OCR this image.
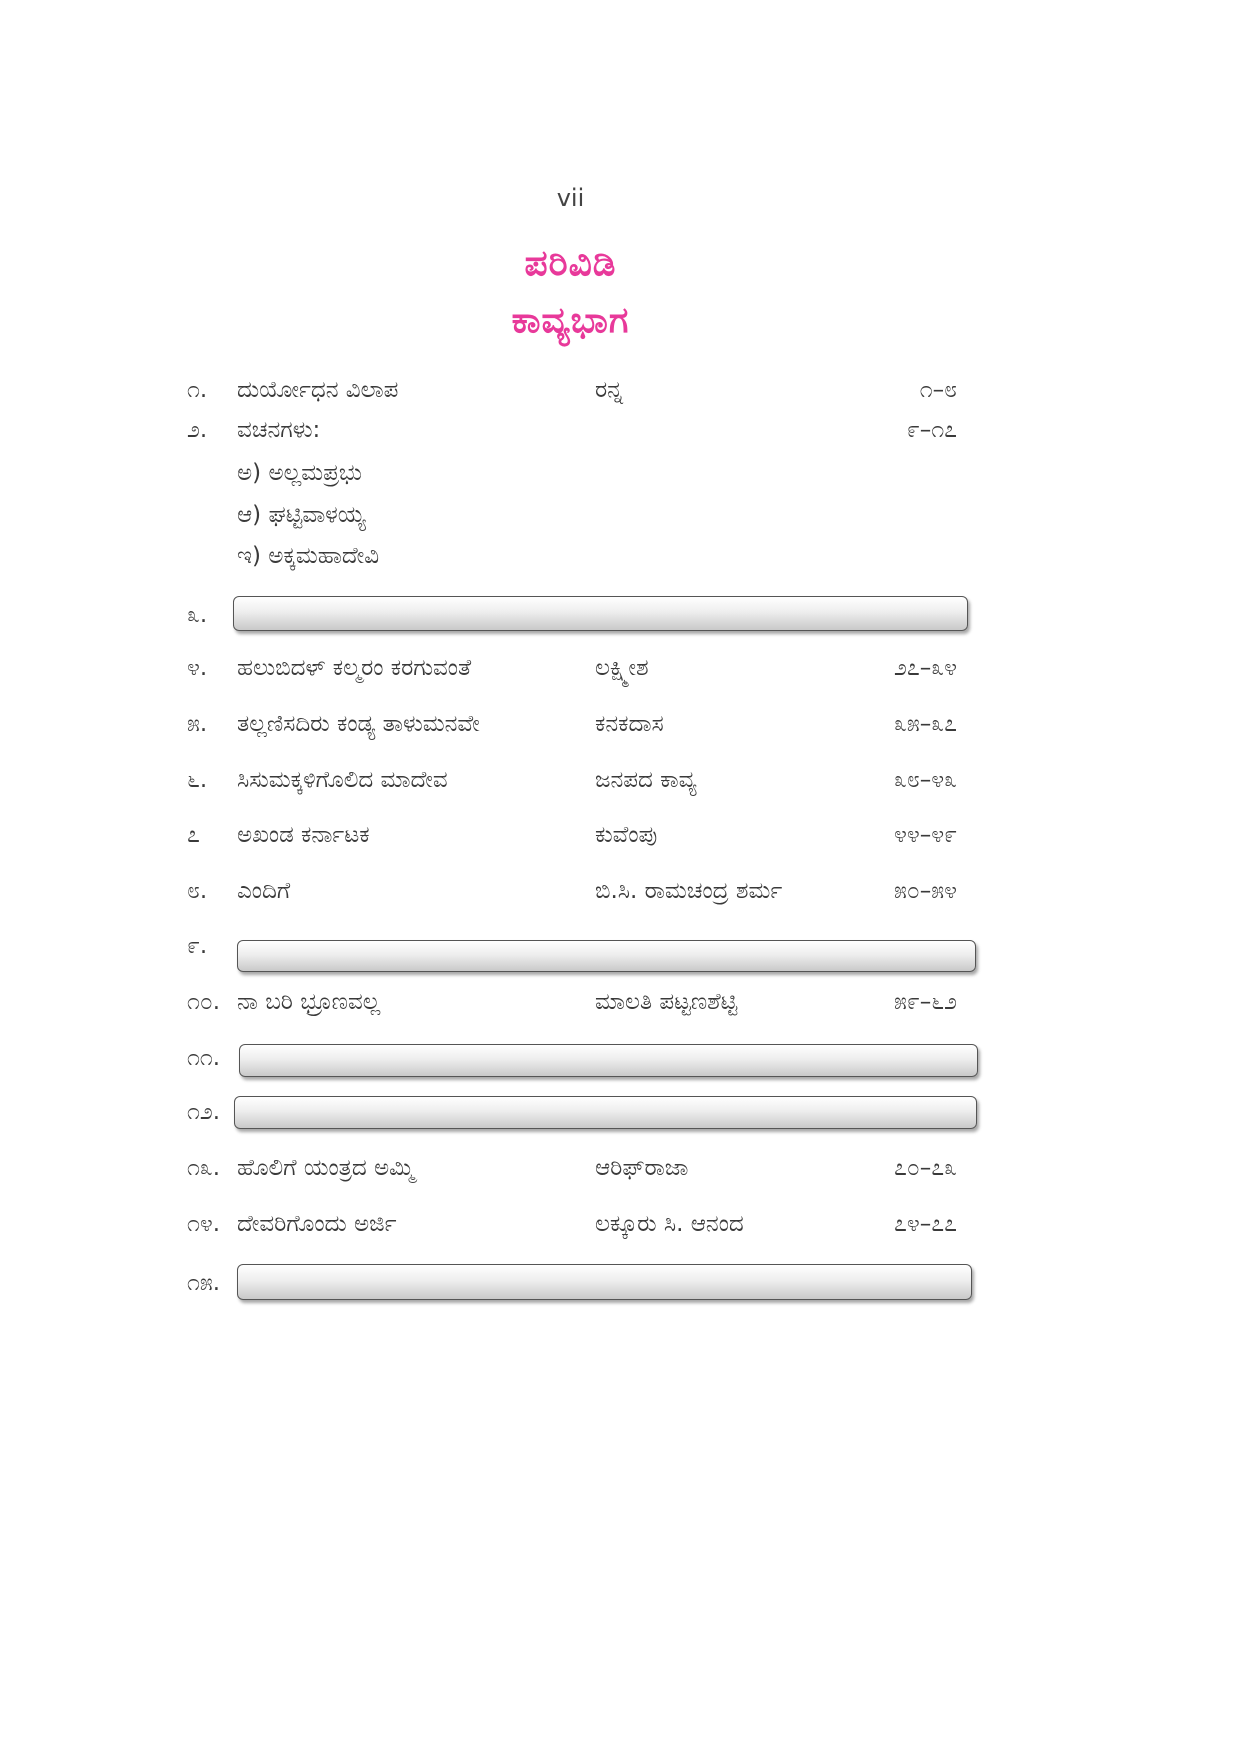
vii
ಪರಿವಿಡಿ
ಕಾವ್ಯಭಾಗ
೧. ದುರ್ಯೋಧನ ವಿಲಾಪ	ರನ್ನ	೧–೮
೨. ವಚನಗಳು:	೯–೧೭
ಅ) ಅಲ್ಲಮಪ್ರಭು
ಆ) ಘಟ್ಟಿವಾಳಯ್ಯ
ಇ) ಅಕ್ಕಮಹಾದೇವಿ
೩.
೪. ಹಲುಬಿದಳ್ ಕಲ್ಮರಂ ಕರಗುವಂತೆ	ಲಕ್ಷ್ಮೀಶ	೨೭–೩೪
೫. ತಲ್ಲಣಿಸದಿರು ಕಂಡ್ಯ ತಾಳುಮನವೇ	ಕನಕದಾಸ	೩೫–೩೭
೬. ಸಿಸುಮಕ್ಕಳಿಗೊಲಿದ ಮಾದೇವ	ಜನಪದ ಕಾವ್ಯ	೩೮–೪೩
೭ ಅಖಂಡ ಕರ್ನಾಟಕ	ಕುವೆಂಪು	೪೪–೪೯
೮. ಎಂದಿಗೆ	ಬಿ.ಸಿ. ರಾಮಚಂದ್ರ ಶರ್ಮ	೫೦–೫೪
೯.
೧೦. ನಾ ಬರಿ ಭ್ರೂಣವಲ್ಲ	ಮಾಲತಿ ಪಟ್ಟಣಶೆಟ್ಟಿ	೫೯–೬೨
೧೧.
೧೨.
೧೩. ಹೊಲಿಗೆ ಯಂತ್ರದ ಅಮ್ಮಿ	ಆರಿಫ್‌ರಾಜಾ	೭೦–೭೩
೧೪. ದೇವರಿಗೊಂದು ಅರ್ಜಿ	ಲಕ್ಕೂರು ಸಿ. ಆನಂದ	೭೪–೭೭
೧೫.
